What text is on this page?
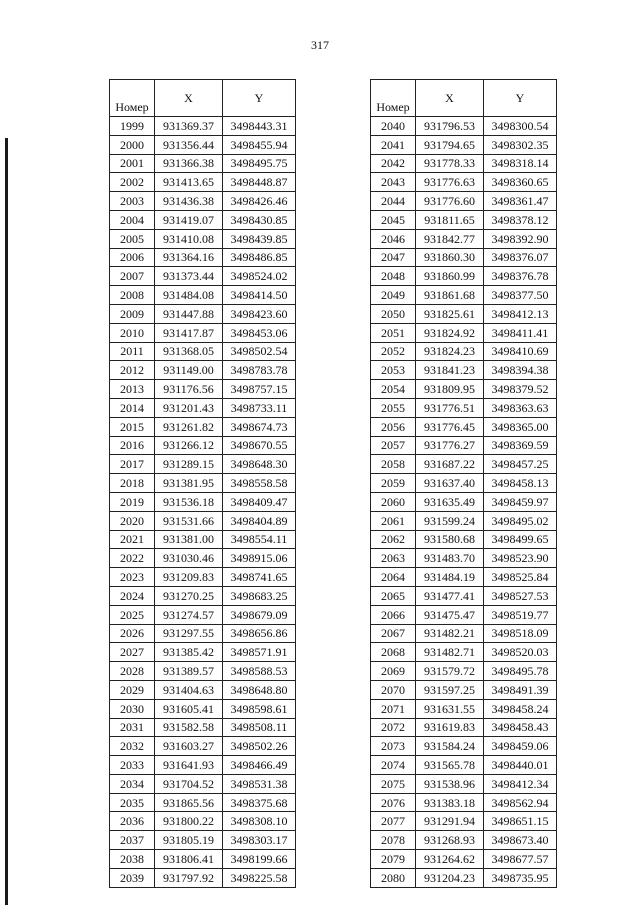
317
Номер	X	Y
1999	931369.37	3498443.31
2000	931356.44	3498455.94
2001	931366.38	3498495.75
2002	931413.65	3498448.87
2003	931436.38	3498426.46
2004	931419.07	3498430.85
2005	931410.08	3498439.85
2006	931364.16	3498486.85
2007	931373.44	3498524.02
2008	931484.08	3498414.50
2009	931447.88	3498423.60
2010	931417.87	3498453.06
2011	931368.05	3498502.54
2012	931149.00	3498783.78
2013	931176.56	3498757.15
2014	931201.43	3498733.11
2015	931261.82	3498674.73
2016	931266.12	3498670.55
2017	931289.15	3498648.30
2018	931381.95	3498558.58
2019	931536.18	3498409.47
2020	931531.66	3498404.89
2021	931381.00	3498554.11
2022	931030.46	3498915.06
2023	931209.83	3498741.65
2024	931270.25	3498683.25
2025	931274.57	3498679.09
2026	931297.55	3498656.86
2027	931385.42	3498571.91
2028	931389.57	3498588.53
2029	931404.63	3498648.80
2030	931605.41	3498598.61
2031	931582.58	3498508.11
2032	931603.27	3498502.26
2033	931641.93	3498466.49
2034	931704.52	3498531.38
2035	931865.56	3498375.68
2036	931800.22	3498308.10
2037	931805.19	3498303.17
2038	931806.41	3498199.66
2039	931797.92	3498225.58
Номер	X	Y
2040	931796.53	3498300.54
2041	931794.65	3498302.35
2042	931778.33	3498318.14
2043	931776.63	3498360.65
2044	931776.60	3498361.47
2045	931811.65	3498378.12
2046	931842.77	3498392.90
2047	931860.30	3498376.07
2048	931860.99	3498376.78
2049	931861.68	3498377.50
2050	931825.61	3498412.13
2051	931824.92	3498411.41
2052	931824.23	3498410.69
2053	931841.23	3498394.38
2054	931809.95	3498379.52
2055	931776.51	3498363.63
2056	931776.45	3498365.00
2057	931776.27	3498369.59
2058	931687.22	3498457.25
2059	931637.40	3498458.13
2060	931635.49	3498459.97
2061	931599.24	3498495.02
2062	931580.68	3498499.65
2063	931483.70	3498523.90
2064	931484.19	3498525.84
2065	931477.41	3498527.53
2066	931475.47	3498519.77
2067	931482.21	3498518.09
2068	931482.71	3498520.03
2069	931579.72	3498495.78
2070	931597.25	3498491.39
2071	931631.55	3498458.24
2072	931619.83	3498458.43
2073	931584.24	3498459.06
2074	931565.78	3498440.01
2075	931538.96	3498412.34
2076	931383.18	3498562.94
2077	931291.94	3498651.15
2078	931268.93	3498673.40
2079	931264.62	3498677.57
2080	931204.23	3498735.95
